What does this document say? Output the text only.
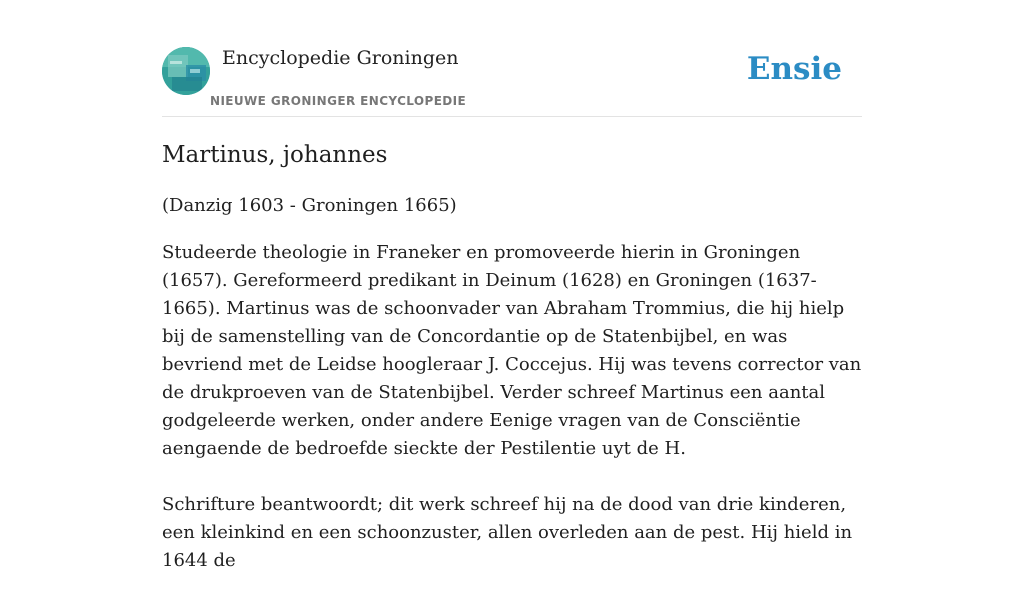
Encyclopedie Groningen
NIEUWE GRONINGER ENCYCLOPEDIE
Ensie
Martinus, johannes

(Danzig 1603 - Groningen 1665)

Studeerde theologie in Franeker en promoveerde hierin in Groningen (1657). Gereformeerd predikant in Deinum (1628) en Groningen (1637-1665). Martinus was de schoonvader van Abraham Trommius, die hij hielp bij de samenstelling van de Concordantie op de Statenbijbel, en was bevriend met de Leidse hoogleraar J. Coccejus. Hij was tevens corrector van de drukproeven van de Statenbijbel. Verder schreef Martinus een aantal godgeleerde werken, onder andere Eenige vragen van de Consciëntie aengaende de bedroefde sieckte der Pestilentie uyt de H.

Schrifture beantwoordt; dit werk schreef hij na de dood van drie kinderen, een kleinkind en een schoonzuster, allen overleden aan de pest. Hij hield in 1644 de
